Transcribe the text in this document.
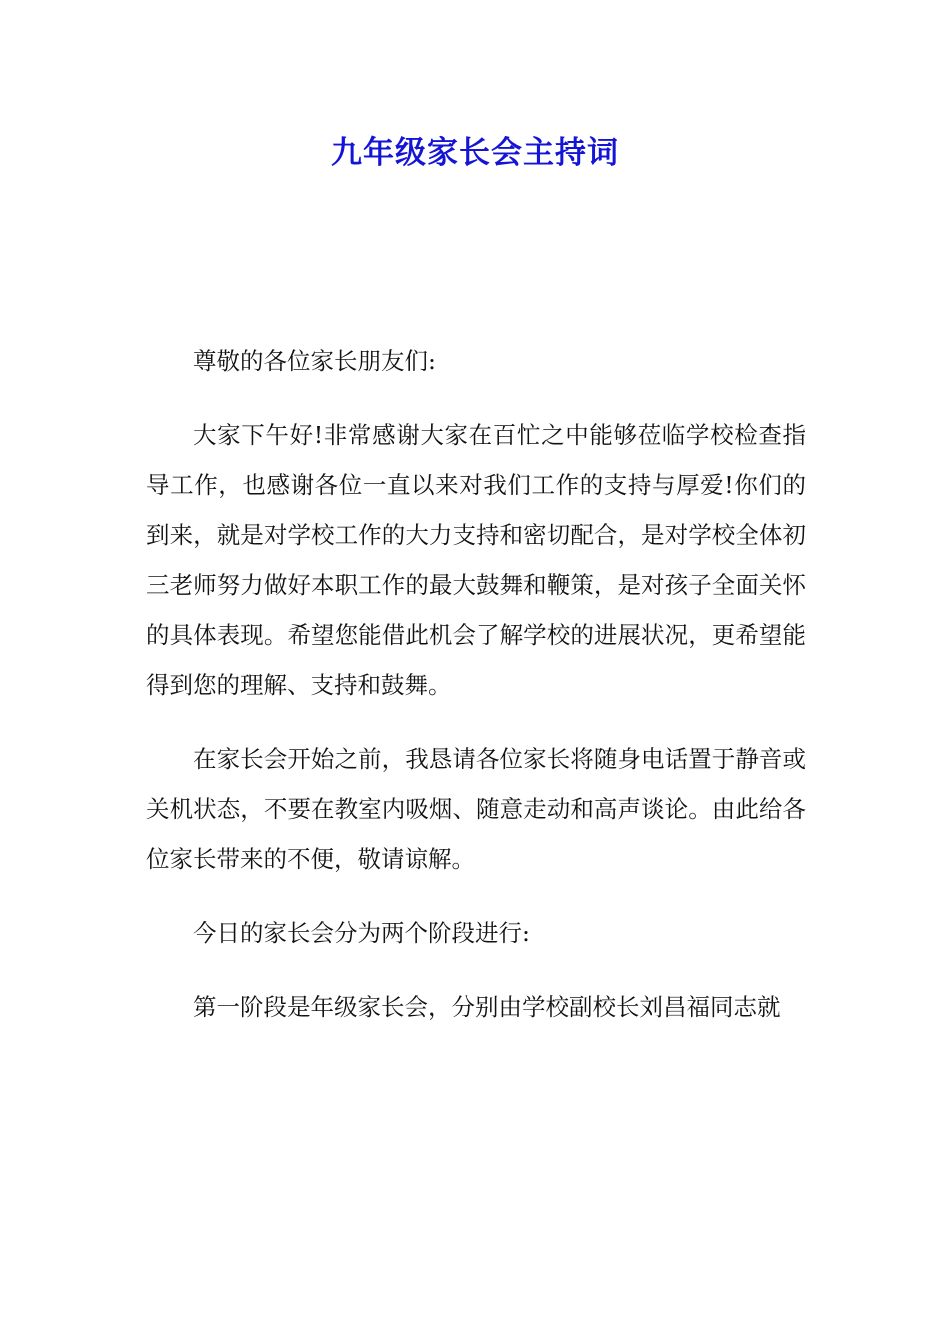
九年级家长会主持词

尊敬的各位家长朋友们:

大家下午好!非常感谢大家在百忙之中能够莅临学校检查指导工作，也感谢各位一直以来对我们工作的支持与厚爱!你们的到来，就是对学校工作的大力支持和密切配合，是对学校全体初三老师努力做好本职工作的最大鼓舞和鞭策，是对孩子全面关怀的具体表现。希望您能借此机会了解学校的进展状况，更希望能得到您的理解、支持和鼓舞。

在家长会开始之前，我恳请各位家长将随身电话置于静音或关机状态，不要在教室内吸烟、随意走动和高声谈论。由此给各位家长带来的不便，敬请谅解。

今日的家长会分为两个阶段进行:

第一阶段是年级家长会，分别由学校副校长刘昌福同志就
